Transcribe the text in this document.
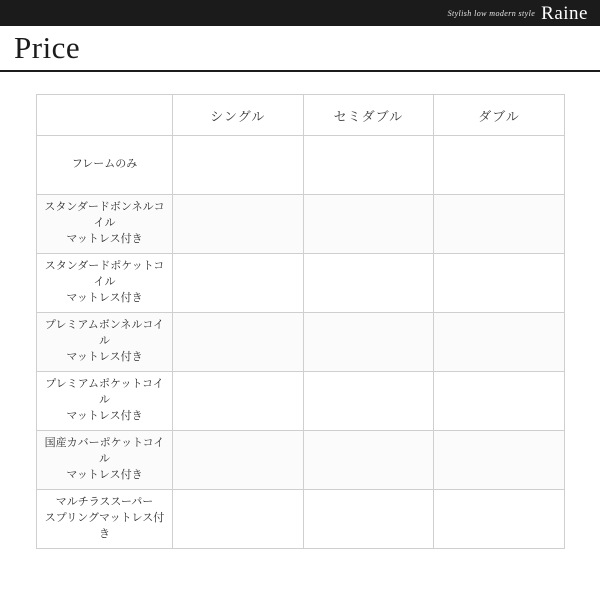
Stylish low modern style Raine
Price
	シングル	セミダブル	ダブル

フレームのみ			

スタンダードボンネルコイル
マットレス付き			

スタンダードポケットコイル
マットレス付き			

プレミアムボンネルコイル
マットレス付き			

プレミアムポケットコイル
マットレス付き			

国産カバーポケットコイル
マットレス付き			

マルチラススーパー
スプリングマットレス付き			
